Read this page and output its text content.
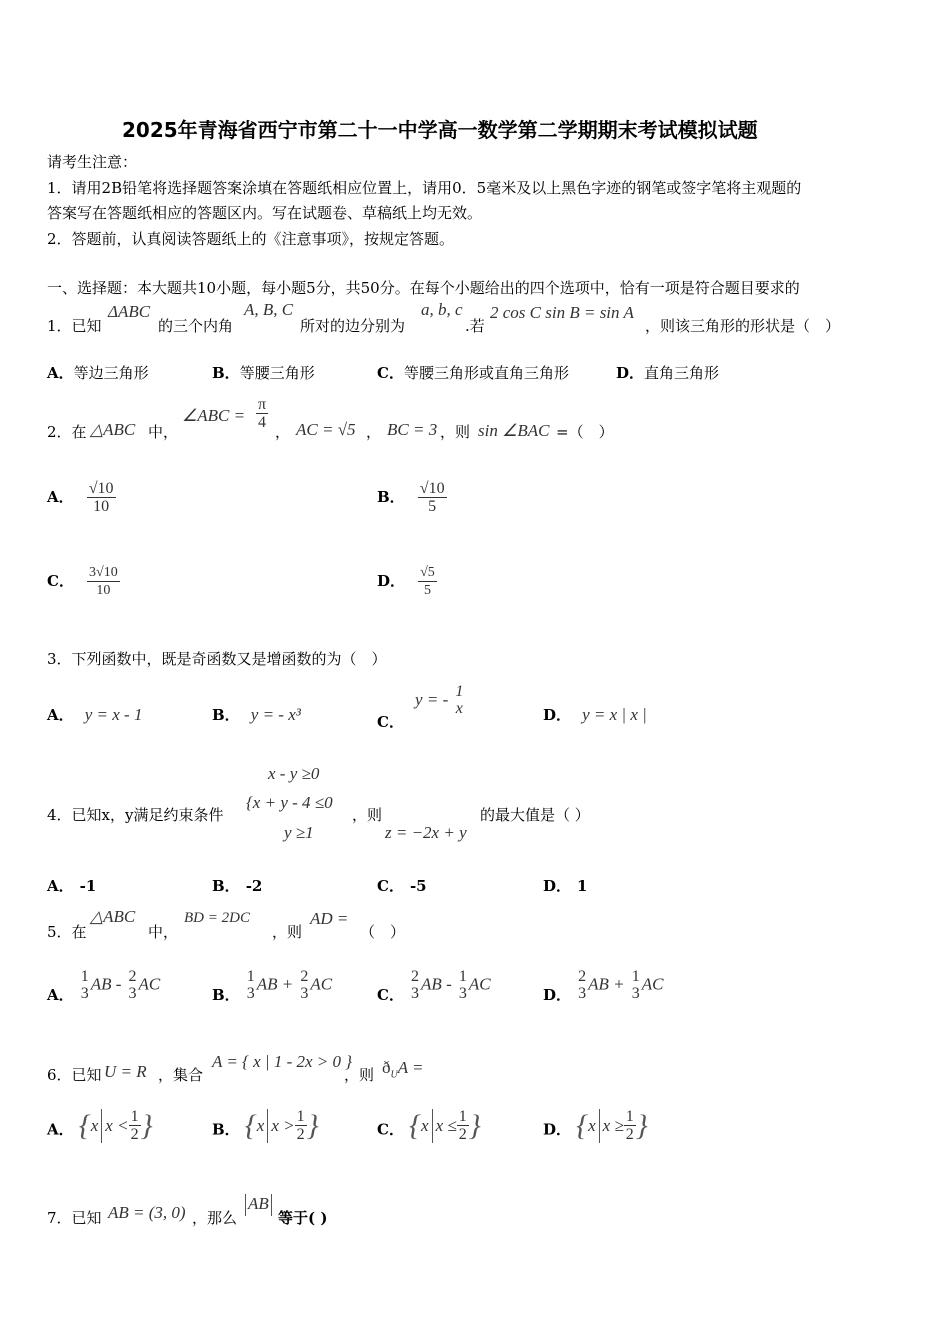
2025年青海省西宁市第二十一中学高一数学第二学期期末考试模拟试题
请考生注意：
1．请用2B铅笔将选择题答案涂填在答题纸相应位置上，请用0．5毫米及以上黑色字迹的钢笔或签字笔将主观题的
答案写在答题纸相应的答题区内。写在试题卷、草稿纸上均无效。
2．答题前，认真阅读答题纸上的《注意事项》，按规定答题。
一、选择题：本大题共10小题，每小题5分，共50分。在每个小题给出的四个选项中，恰有一项是符合题目要求的
1．已知
ΔABC
的三个内角
A, B, C
所对的边分别为
a, b, c
.若
2 cos C sin B = sin A
，则该三角形的形状是（　）
A．等边三角形	B．等腰三角形	C．等腰三角形或直角三角形	D．直角三角形
2．在 △ABC 中，
∠ABC = $\frac{\pi}{4}$
， AC = √5 ， BC = 3 ，则 sin ∠BAC =（　）
A． $\frac{√10}{10}$	B． $\frac{√10}{5}$
C． $\frac{3√10}{10}$	D． $\frac{√5}{5}$
3．下列函数中，既是奇函数又是增函数的为（　）
A． y = x - 1	B． y = - x³	C． y = - 1
x	D． y = x | x |
x - y ≥0
4．已知x，y满足约束条件
{x + y - 4 ≤0
，则	的最大值是（ ）
y ≥1	z = −2x + y
A． -1	B． -2	C． -5	D． 1
5．在
△ABC
中，
BD = 2DC
，则
AD =
（　）
A．
1
3 AB - 2
3 AC
B．
1
3 AB + 2
3 AC
C．
2
3 AB - 1
3 AC
D．
2
3 AB + 1
3 AC
6．已知 U = R ，集合
A = { x | 1 - 2x > 0 }
，则 $ð_UA$ =
A． { x $x < \frac{1}{2}$ }	B． { x $x > \frac{1}{2}$ }	C． { x $x \le \frac{1}{2}$ }	D． { x $x \ge \frac{1}{2}$ }
7．已知 AB = (3, 0) ，那么
AB
等于( )
